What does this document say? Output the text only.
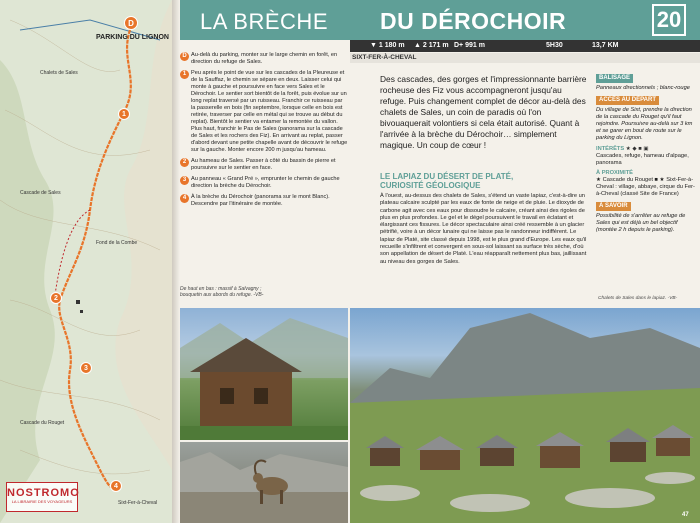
PARKING DU LIGNON
D
1
2
3
4
Chalets de Sales
Cascade de Sales
Fond de la Combe
Cascade du Rouget
Sixt-Fer-à-Cheval
NOSTROMO
LA LIBRAIRIE DES VOYAGEURS
LA BRÈCHE DU DÉROCHOIR	20
▼ 1 180 m ▲ 2 171 m D+ 991 m	5H30	13,7 KM
SIXT-FER-À-CHEVAL
D Au-delà du parking, monter sur le large chemin en forêt, en direction du refuge de Sales.
1 Peu après le point de vue sur les cascades de la Pleureuse et de la Sauffaz, le chemin se sépare en deux. Laisser celui qui monte à gauche et poursuivre en face vers Sales et le Dérochoir. Le sentier sort bientôt de la forêt, puis évolue sur un long replat traversé par un ruisseau. Franchir ce ruisseau par la passerelle en bois (fin septembre, lorsque celle en bois est retirée, traverser par celle en métal qui se trouve au début du replat). Bientôt le sentier va entamer la remontée du vallon. Plus haut, franchir le Pas de Sales (panorama sur la cascade de Sales et les rochers des Fiz). En arrivant au replat, passer d'abord devant une petite chapelle avant de découvrir le refuge sur la gauche. Monter encore 200 m jusqu'au hameau.
2 Au hameau de Sales. Passer à côté du bassin de pierre et poursuivre sur le sentier en face.
3 Au panneau « Grand Pré », emprunter le chemin de gauche direction la brèche du Dérochoir.
4 À la brèche du Dérochoir (panorama sur le mont Blanc). Descendre par l'itinéraire de montée.
De haut en bas : massif à Salvagny ; bouquetin aux abords du refuge. -VB-
Des cascades, des gorges et l'impressionnante barrière rocheuse des Fiz vous accompagneront jusqu'au refuge. Puis changement complet de décor au-delà des chalets de Sales, un coin de paradis où l'on bivouaquerait volontiers si cela était autorisé. Quant à l'arrivée à la brèche du Dérochoir… simplement magique. Un coup de cœur !
LE LAPIAZ DU DÉSERT DE PLATÉ,
CURIOSITÉ GÉOLOGIQUE
À l'ouest, au-dessus des chalets de Sales, s'étend un vaste lapiaz, c'est-à-dire un plateau calcaire sculpté par les eaux de fonte de neige et de pluie. Le dioxyde de carbone agit avec ces eaux pour dissoudre le calcaire, créant ainsi des rigoles de plus en plus profondes. Le gel et le dégel poursuivent le travail en éclatant et élargissant ces fissures. Le décor spectaculaire ainsi créé ressemble à un glacier pétrifié, voire à un décor lunaire qui ne laisse pas le randonneur indifférent. Le lapiaz de Platé, site classé depuis 1998, est le plus grand d'Europe. Les eaux qu'il recueille s'infiltrent et convergent en sous-sol laissant sa surface très sèche, d'où son appellation de désert de Platé. L'eau réapparaît nettement plus bas, jaillissant au niveau des gorges de Sales.
BALISAGE
Panneaux directionnels ; blanc-rouge
ACCÈS AU DÉPART
Du village de Sixt, prendre la direction de la cascade du Rouget qu'il faut rejoindre. Poursuivre au-delà sur 3 km et se garer en bout de route sur le parking du Lignon.
INTÉRÊTS ★ ◆ ■ ▣
Cascades, refuge, hameau d'alpage, panorama
À PROXIMITÉ
★ Cascade du Rouget ■ ★ Sixt-Fer-à-Cheval : village, abbaye, cirque du Fer-à-Cheval (classé Site de France)
À SAVOIR
Possibilité de s'arrêter au refuge de Sales qui est déjà un bel objectif (montée 2 h depuis le parking).
Chalets de Sales dans le lapiaz. -VB-
47
